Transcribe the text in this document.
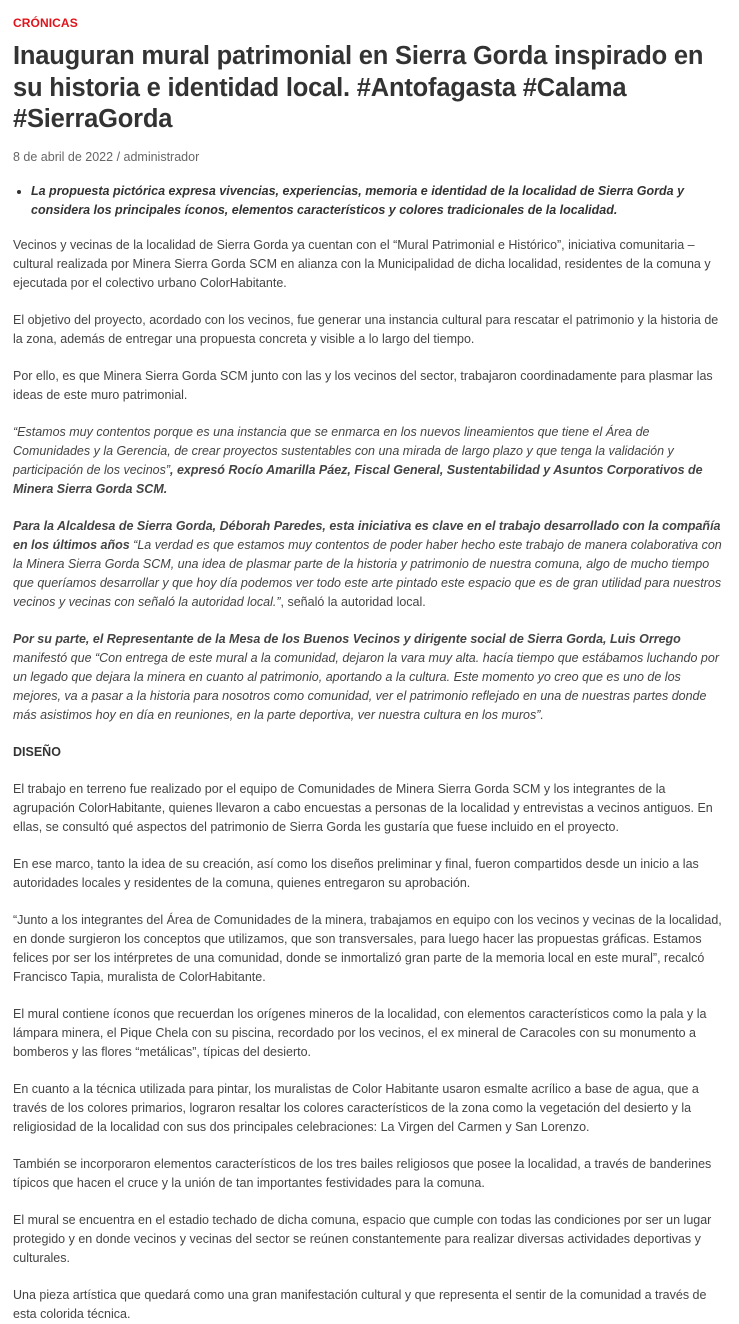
CRÓNICAS
Inauguran mural patrimonial en Sierra Gorda inspirado en su historia e identidad local. #Antofagasta #Calama #SierraGorda
8 de abril de 2022 / administrador
• La propuesta pictórica expresa vivencias, experiencias, memoria e identidad de la localidad de Sierra Gorda y considera los principales íconos, elementos característicos y colores tradicionales de la localidad.

Vecinos y vecinas de la localidad de Sierra Gorda ya cuentan con el “Mural Patrimonial e Histórico”, iniciativa comunitaria – cultural realizada por Minera Sierra Gorda SCM en alianza con la Municipalidad de dicha localidad, residentes de la comuna y ejecutada por el colectivo urbano ColorHabitante.

El objetivo del proyecto, acordado con los vecinos, fue generar una instancia cultural para rescatar el patrimonio y la historia de la zona, además de entregar una propuesta concreta y visible a lo largo del tiempo.

Por ello, es que Minera Sierra Gorda SCM junto con las y los vecinos del sector, trabajaron coordinadamente para plasmar las ideas de este muro patrimonial.

“Estamos muy contentos porque es una instancia que se enmarca en los nuevos lineamientos que tiene el Área de Comunidades y la Gerencia, de crear proyectos sustentables con una mirada de largo plazo y que tenga la validación y participación de los vecinos”, expresó Rocío Amarilla Páez, Fiscal General, Sustentabilidad y Asuntos Corporativos de Minera Sierra Gorda SCM.

Para la Alcaldesa de Sierra Gorda, Déborah Paredes, esta iniciativa es clave en el trabajo desarrollado con la compañía en los últimos años “La verdad es que estamos muy contentos de poder haber hecho este trabajo de manera colaborativa con la Minera Sierra Gorda SCM, una idea de plasmar parte de la historia y patrimonio de nuestra comuna, algo de mucho tiempo que queríamos desarrollar y que hoy día podemos ver todo este arte pintado este espacio que es de gran utilidad para nuestros vecinos y vecinas con señaló la autoridad local.”, señaló la autoridad local.

Por su parte, el Representante de la Mesa de los Buenos Vecinos y dirigente social de Sierra Gorda, Luis Orrego manifestó que “Con entrega de este mural a la comunidad, dejaron la vara muy alta. hacía tiempo que estábamos luchando por un legado que dejara la minera en cuanto al patrimonio, aportando a la cultura. Este momento yo creo que es uno de los mejores, va a pasar a la historia para nosotros como comunidad, ver el patrimonio reflejado en una de nuestras partes donde más asistimos hoy en día en reuniones, en la parte deportiva, ver nuestra cultura en los muros”.

DISEÑO

El trabajo en terreno fue realizado por el equipo de Comunidades de Minera Sierra Gorda SCM y los integrantes de la agrupación ColorHabitante, quienes llevaron a cabo encuestas a personas de la localidad y entrevistas a vecinos antiguos. En ellas, se consultó qué aspectos del patrimonio de Sierra Gorda les gustaría que fuese incluido en el proyecto.

En ese marco, tanto la idea de su creación, así como los diseños preliminar y final, fueron compartidos desde un inicio a las autoridades locales y residentes de la comuna, quienes entregaron su aprobación.

“Junto a los integrantes del Área de Comunidades de la minera, trabajamos en equipo con los vecinos y vecinas de la localidad, en donde surgieron los conceptos que utilizamos, que son transversales, para luego hacer las propuestas gráficas. Estamos felices por ser los intérpretes de una comunidad, donde se inmortalizó gran parte de la memoria local en este mural”, recalcó Francisco Tapia, muralista de ColorHabitante.

El mural contiene íconos que recuerdan los orígenes mineros de la localidad, con elementos característicos como la pala y la lámpara minera, el Pique Chela con su piscina, recordado por los vecinos, el ex mineral de Caracoles con su monumento a bomberos y las flores “metálicas”, típicas del desierto.

En cuanto a la técnica utilizada para pintar, los muralistas de Color Habitante usaron esmalte acrílico a base de agua, que a través de los colores primarios, lograron resaltar los colores característicos de la zona como la vegetación del desierto y la religiosidad de la localidad con sus dos principales celebraciones: La Virgen del Carmen y San Lorenzo.

También se incorporaron elementos característicos de los tres bailes religiosos que posee la localidad, a través de banderines típicos que hacen el cruce y la unión de tan importantes festividades para la comuna.

El mural se encuentra en el estadio techado de dicha comuna, espacio que cumple con todas las condiciones por ser un lugar protegido y en donde vecinos y vecinas del sector se reúnen constantemente para realizar diversas actividades deportivas y culturales.

Una pieza artística que quedará como una gran manifestación cultural y que representa el sentir de la comunidad a través de esta colorida técnica.
